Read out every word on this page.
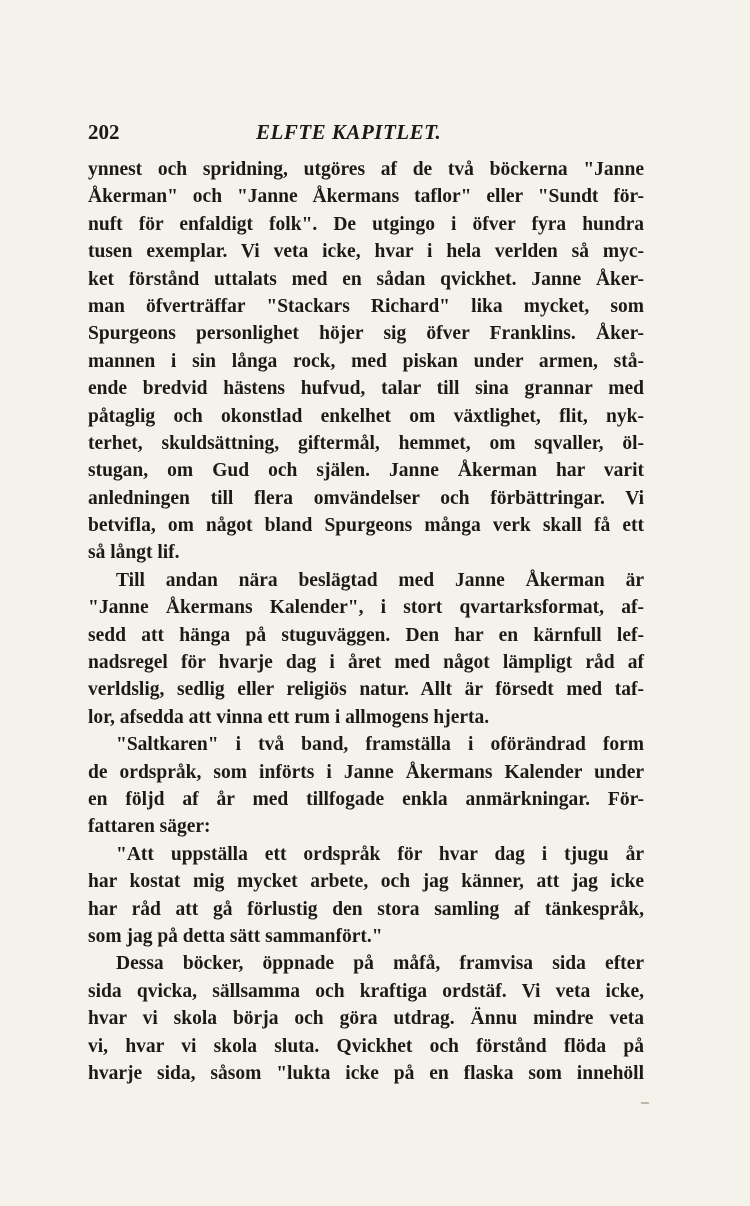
202	ELFTE KAPITLET.
ynnest och spridning, utgöres af de två böckerna "Janne
Åkerman" och "Janne Åkermans taflor" eller "Sundt för-
nuft för enfaldigt folk". De utgingo i öfver fyra hundra
tusen exemplar. Vi veta icke, hvar i hela verlden så myc-
ket förstånd uttalats med en sådan qvickhet. Janne Åker-
man öfverträffar "Stackars Richard" lika mycket, som
Spurgeons personlighet höjer sig öfver Franklins. Åker-
mannen i sin långa rock, med piskan under armen, stå-
ende bredvid hästens hufvud, talar till sina grannar med
påtaglig och okonstlad enkelhet om växtlighet, flit, nyk-
terhet, skuldsättning, giftermål, hemmet, om sqvaller, öl-
stugan, om Gud och själen. Janne Åkerman har varit
anledningen till flera omvändelser och förbättringar. Vi
betvifla, om något bland Spurgeons många verk skall få ett
så långt lif.
Till andan nära beslägtad med Janne Åkerman är
"Janne Åkermans Kalender", i stort qvartarksformat, af-
sedd att hänga på stuguväggen. Den har en kärnfull lef-
nadsregel för hvarje dag i året med något lämpligt råd af
verldslig, sedlig eller religiös natur. Allt är försedt med taf-
lor, afsedda att vinna ett rum i allmogens hjerta.
"Saltkaren" i två band, framställa i oförändrad form
de ordspråk, som införts i Janne Åkermans Kalender under
en följd af år med tillfogade enkla anmärkningar. För-
fattaren säger:
"Att uppställa ett ordspråk för hvar dag i tjugu år
har kostat mig mycket arbete, och jag känner, att jag icke
har råd att gå förlustig den stora samling af tänkespråk,
som jag på detta sätt sammanfört."
Dessa böcker, öppnade på måfå, framvisa sida efter
sida qvicka, sällsamma och kraftiga ordstäf. Vi veta icke,
hvar vi skola börja och göra utdrag. Ännu mindre veta
vi, hvar vi skola sluta. Qvickhet och förstånd flöda på
hvarje sida, såsom "lukta icke på en flaska som innehöll
